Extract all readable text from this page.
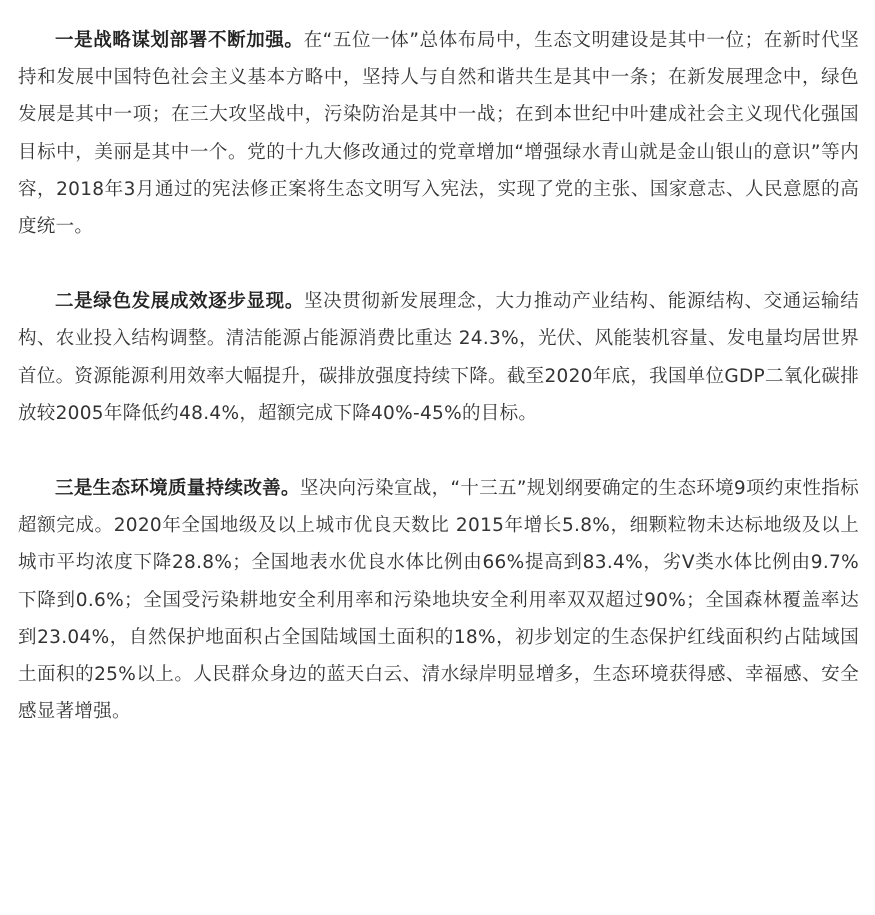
一是战略谋划部署不断加强。在“五位一体”总体布局中，生态文明建设是其中一位；在新时代坚持和发展中国特色社会主义基本方略中，坚持人与自然和谐共生是其中一条；在新发展理念中，绿色发展是其中一项；在三大攻坚战中，污染防治是其中一战；在到本世纪中叶建成社会主义现代化强国目标中，美丽是其中一个。党的十九大修改通过的党章增加“增强绿水青山就是金山银山的意识”等内容，2018年3月通过的宪法修正案将生态文明写入宪法，实现了党的主张、国家意志、人民意愿的高度统一。

二是绿色发展成效逐步显现。坚决贯彻新发展理念，大力推动产业结构、能源结构、交通运输结构、农业投入结构调整。清洁能源占能源消费比重达 24.3%，光伏、风能装机容量、发电量均居世界首位。资源能源利用效率大幅提升，碳排放强度持续下降。截至2020年底，我国单位GDP二氧化碳排放较2005年降低约48.4%，超额完成下降40%-45%的目标。

三是生态环境质量持续改善。坚决向污染宣战，“十三五”规划纲要确定的生态环境9项约束性指标超额完成。2020年全国地级及以上城市优良天数比 2015年增长5.8%，细颗粒物未达标地级及以上城市平均浓度下降28.8%；全国地表水优良水体比例由66%提高到83.4%，劣V类水体比例由9.7%下降到0.6%；全国受污染耕地安全利用率和污染地块安全利用率双双超过90%；全国森林覆盖率达到23.04%，自然保护地面积占全国陆域国土面积的18%，初步划定的生态保护红线面积约占陆域国土面积的25%以上。人民群众身边的蓝天白云、清水绿岸明显增多，生态环境获得感、幸福感、安全感显著增强。
